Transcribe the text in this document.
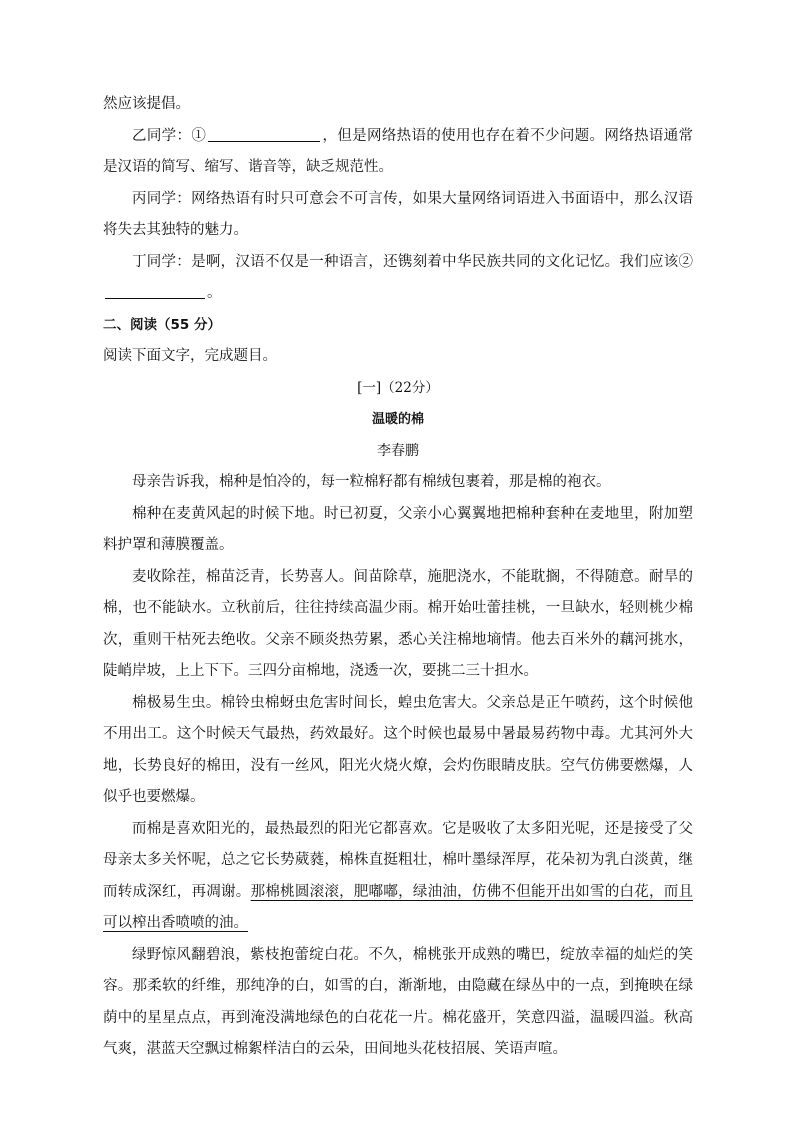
然应该提倡。

乙同学：①	，但是网络热语的使用也存在着不少问题。网络热语通常是汉语的简写、缩写、谐音等，缺乏规范性。

丙同学：网络热语有时只可意会不可言传，如果大量网络词语进入书面语中，那么汉语将失去其独特的魅力。

丁同学：是啊，汉语不仅是一种语言，还镌刻着中华民族共同的文化记忆。我们应该②。

二、阅读（55 分）

阅读下面文字，完成题目。

[一]（22分）

温暖的棉

李春鹏

母亲告诉我，棉种是怕冷的，每一粒棉籽都有棉绒包裹着，那是棉的袍衣。

棉种在麦黄风起的时候下地。时已初夏，父亲小心翼翼地把棉种套种在麦地里，附加塑料护罩和薄膜覆盖。

麦收除茬，棉苗泛青，长势喜人。间苗除草，施肥浇水，不能耽搁，不得随意。耐旱的棉，也不能缺水。立秋前后，往往持续高温少雨。棉开始吐蕾挂桃，一旦缺水，轻则桃少棉次，重则干枯死去绝收。父亲不顾炎热劳累，悉心关注棉地墒情。他去百米外的藕河挑水，陡峭岸坡，上上下下。三四分亩棉地，浇透一次，要挑二三十担水。

棉极易生虫。棉铃虫棉蚜虫危害时间长，蝗虫危害大。父亲总是正午喷药，这个时候他不用出工。这个时候天气最热，药效最好。这个时候也最易中暑最易药物中毒。尤其河外大地，长势良好的棉田，没有一丝风，阳光火烧火燎，会灼伤眼睛皮肤。空气仿佛要燃爆，人似乎也要燃爆。

而棉是喜欢阳光的，最热最烈的阳光它都喜欢。它是吸收了太多阳光呢，还是接受了父母亲太多关怀呢，总之它长势葳蕤，棉株直挺粗壮，棉叶墨绿浑厚，花朵初为乳白淡黄，继而转成深红，再凋谢。那棉桃圆滚滚，肥嘟嘟，绿油油，仿佛不但能开出如雪的白花，而且可以榨出香喷喷的油。

绿野惊风翻碧浪，紫枝抱蕾绽白花。不久，棉桃张开成熟的嘴巴，绽放幸福的灿烂的笑容。那柔软的纤维，那纯净的白，如雪的白，渐渐地，由隐藏在绿丛中的一点，到掩映在绿荫中的星星点点，再到淹没满地绿色的白花花一片。棉花盛开，笑意四溢，温暖四溢。秋高气爽，湛蓝天空飘过棉絮样洁白的云朵，田间地头花枝招展、笑语声喧。
